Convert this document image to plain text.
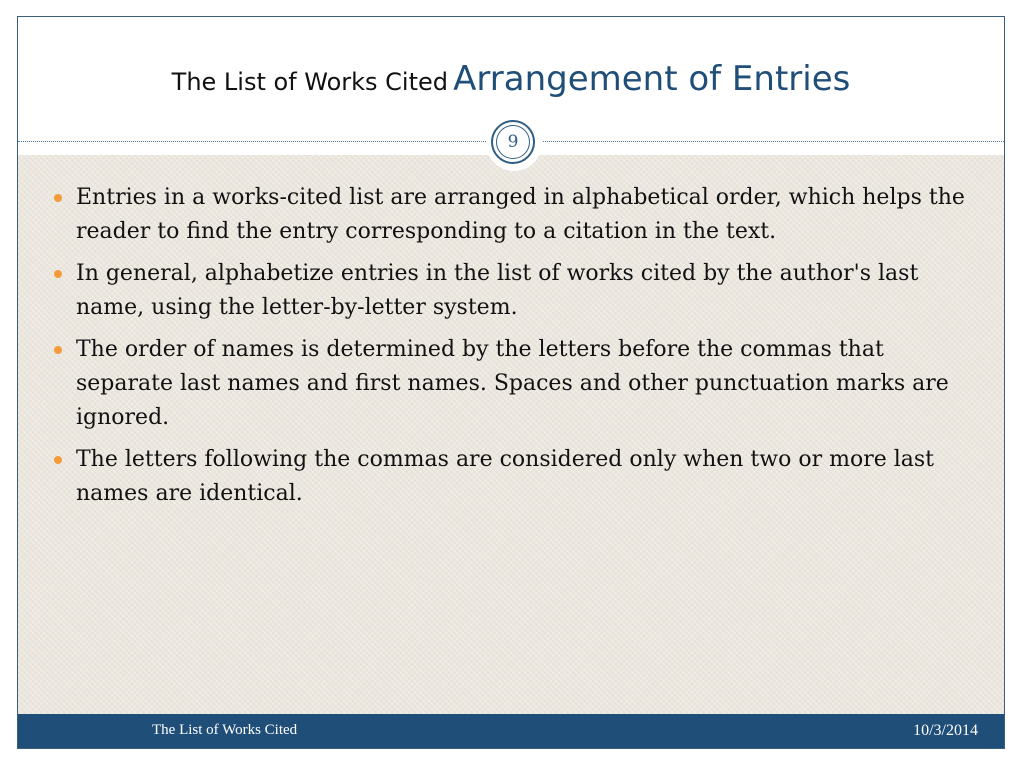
The List of Works Cited Arrangement of Entries
9
Entries in a works-cited list are arranged in alphabetical order, which helps the reader to find the entry corresponding to a citation in the text.
In general, alphabetize entries in the list of works cited by the author's last name, using the letter-by-letter system.
The order of names is determined by the letters before the commas that separate last names and first names. Spaces and other punctuation marks are ignored.
The letters following the commas are considered only when two or more last names are identical.
The List of Works Cited	10/3/2014
